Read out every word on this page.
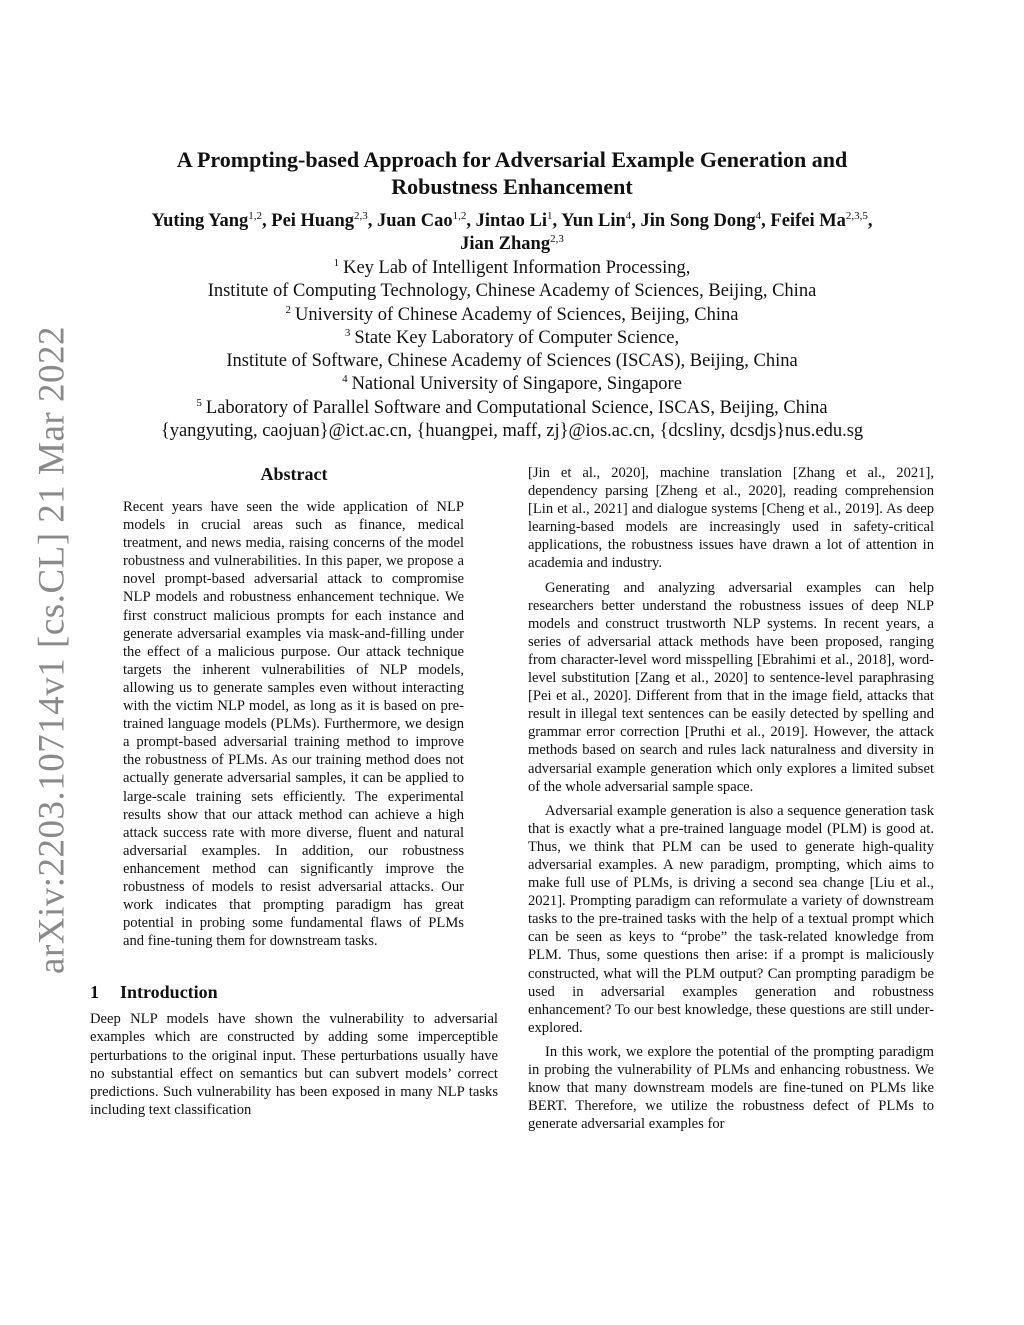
arXiv:2203.10714v1 [cs.CL] 21 Mar 2022
A Prompting-based Approach for Adversarial Example Generation and
Robustness Enhancement
Yuting Yang$^{1,2}$, Pei Huang$^{2,3}$, Juan Cao$^{1,2}$, Jintao Li$^1$, Yun Lin$^4$, Jin Song Dong$^4$, Feifei Ma$^{2,3,5}$,
Jian Zhang$^{2,3}$
$^1$ Key Lab of Intelligent Information Processing,
Institute of Computing Technology, Chinese Academy of Sciences, Beijing, China
$^2$ University of Chinese Academy of Sciences, Beijing, China
$^3$ State Key Laboratory of Computer Science,
Institute of Software, Chinese Academy of Sciences (ISCAS), Beijing, China
$^4$ National University of Singapore, Singapore
$^5$ Laboratory of Parallel Software and Computational Science, ISCAS, Beijing, China
{yangyuting, caojuan}@ict.ac.cn, {huangpei, maff, zj}@ios.ac.cn, {dcsliny, dcsdjs}nus.edu.sg
Abstract

Recent years have seen the wide application of NLP models in crucial areas such as finance, medical treatment, and news media, raising concerns of the model robustness and vulnerabilities. In this paper, we propose a novel prompt-based adversarial attack to compromise NLP models and robustness enhancement technique. We first construct malicious prompts for each instance and generate adversarial examples via mask-and-filling under the effect of a malicious purpose. Our attack technique targets the inherent vulnerabilities of NLP models, allowing us to generate samples even without interacting with the victim NLP model, as long as it is based on pre-trained language models (PLMs). Furthermore, we design a prompt-based adversarial training method to improve the robustness of PLMs. As our training method does not actually generate adversarial samples, it can be applied to large-scale training sets efficiently. The experimental results show that our attack method can achieve a high attack success rate with more diverse, fluent and natural adversarial examples. In addition, our robustness enhancement method can significantly improve the robustness of models to resist adversarial attacks. Our work indicates that prompting paradigm has great potential in probing some fundamental flaws of PLMs and fine-tuning them for downstream tasks.

1 Introduction

Deep NLP models have shown the vulnerability to adversarial examples which are constructed by adding some imperceptible perturbations to the original input. These perturbations usually have no substantial effect on semantics but can subvert models’ correct predictions. Such vulnerability has been exposed in many NLP tasks including text classification

[Jin et al., 2020], machine translation [Zhang et al., 2021], dependency parsing [Zheng et al., 2020], reading comprehension [Lin et al., 2021] and dialogue systems [Cheng et al., 2019]. As deep learning-based models are increasingly used in safety-critical applications, the robustness issues have drawn a lot of attention in academia and industry.

Generating and analyzing adversarial examples can help researchers better understand the robustness issues of deep NLP models and construct trustworth NLP systems. In recent years, a series of adversarial attack methods have been proposed, ranging from character-level word misspelling [Ebrahimi et al., 2018], word-level substitution [Zang et al., 2020] to sentence-level paraphrasing [Pei et al., 2020]. Different from that in the image field, attacks that result in illegal text sentences can be easily detected by spelling and grammar error correction [Pruthi et al., 2019]. However, the attack methods based on search and rules lack naturalness and diversity in adversarial example generation which only explores a limited subset of the whole adversarial sample space.

Adversarial example generation is also a sequence generation task that is exactly what a pre-trained language model (PLM) is good at. Thus, we think that PLM can be used to generate high-quality adversarial examples. A new paradigm, prompting, which aims to make full use of PLMs, is driving a second sea change [Liu et al., 2021]. Prompting paradigm can reformulate a variety of downstream tasks to the pre-trained tasks with the help of a textual prompt which can be seen as keys to “probe” the task-related knowledge from PLM. Thus, some questions then arise: if a prompt is maliciously constructed, what will the PLM output? Can prompting paradigm be used in adversarial examples generation and robustness enhancement? To our best knowledge, these questions are still under-explored.

In this work, we explore the potential of the prompting paradigm in probing the vulnerability of PLMs and enhancing robustness. We know that many downstream models are fine-tuned on PLMs like BERT. Therefore, we utilize the robustness defect of PLMs to generate adversarial examples for
